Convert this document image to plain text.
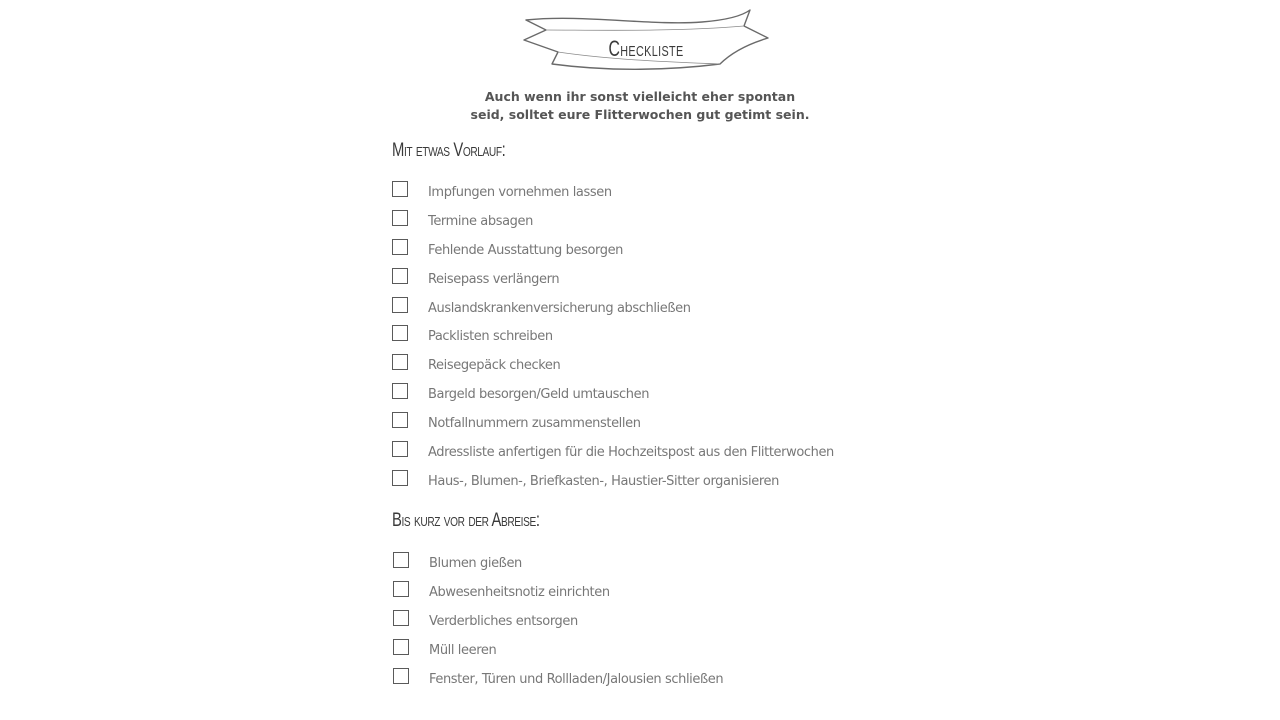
Checkliste
Auch wenn ihr sonst vielleicht eher spontan
seid, solltet eure Flitterwochen gut getimt sein.
Mit etwas Vorlauf:
Impfungen vornehmen lassen
Termine absagen
Fehlende Ausstattung besorgen
Reisepass verlängern
Auslandskrankenversicherung abschließen
Packlisten schreiben
Reisegepäck checken
Bargeld besorgen/Geld umtauschen
Notfallnummern zusammenstellen
Adressliste anfertigen für die Hochzeitspost aus den Flitterwochen
Haus-, Blumen-, Briefkasten-, Haustier-Sitter organisieren
Bis kurz vor der Abreise:
Blumen gießen
Abwesenheitsnotiz einrichten
Verderbliches entsorgen
Müll leeren
Fenster, Türen und Rollladen/Jalousien schließen
